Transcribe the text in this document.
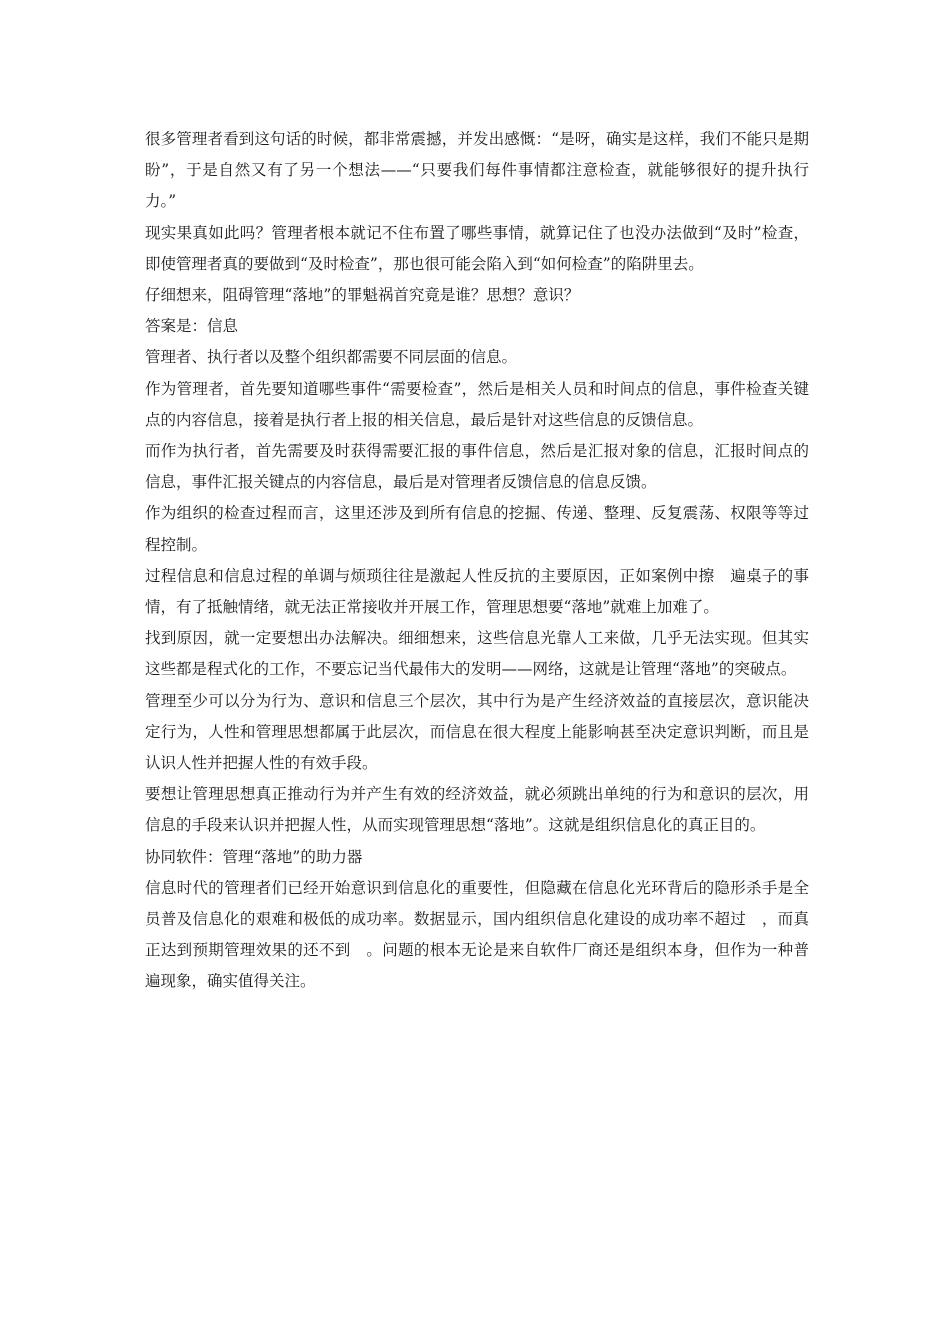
很多管理者看到这句话的时候，都非常震撼，并发出感慨：“是呀，确实是这样，我们不能只是期盼”，于是自然又有了另一个想法——“只要我们每件事情都注意检查，就能够很好的提升执行力。”

现实果真如此吗？管理者根本就记不住布置了哪些事情，就算记住了也没办法做到“及时”检查，即使管理者真的要做到“及时检查”，那也很可能会陷入到“如何检查”的陷阱里去。

仔细想来，阻碍管理“落地”的罪魁祸首究竟是谁？思想？意识？

答案是：信息

管理者、执行者以及整个组织都需要不同层面的信息。

作为管理者，首先要知道哪些事件“需要检查”，然后是相关人员和时间点的信息，事件检查关键点的内容信息，接着是执行者上报的相关信息，最后是针对这些信息的反馈信息。

而作为执行者，首先需要及时获得需要汇报的事件信息，然后是汇报对象的信息，汇报时间点的信息，事件汇报关键点的内容信息，最后是对管理者反馈信息的信息反馈。

作为组织的检查过程而言，这里还涉及到所有信息的挖掘、传递、整理、反复震荡、权限等等过程控制。

过程信息和信息过程的单调与烦琐往往是激起人性反抗的主要原因，正如案例中擦　遍桌子的事情，有了抵触情绪，就无法正常接收并开展工作，管理思想要“落地”就难上加难了。

找到原因，就一定要想出办法解决。细细想来，这些信息光靠人工来做，几乎无法实现。但其实这些都是程式化的工作，不要忘记当代最伟大的发明——网络，这就是让管理“落地”的突破点。

管理至少可以分为行为、意识和信息三个层次，其中行为是产生经济效益的直接层次，意识能决定行为，人性和管理思想都属于此层次，而信息在很大程度上能影响甚至决定意识判断，而且是认识人性并把握人性的有效手段。

要想让管理思想真正推动行为并产生有效的经济效益，就必须跳出单纯的行为和意识的层次，用信息的手段来认识并把握人性，从而实现管理思想“落地”。这就是组织信息化的真正目的。

协同软件：管理“落地”的助力器

信息时代的管理者们已经开始意识到信息化的重要性，但隐藏在信息化光环背后的隐形杀手是全员普及信息化的艰难和极低的成功率。数据显示，国内组织信息化建设的成功率不超过　，而真正达到预期管理效果的还不到　。问题的根本无论是来自软件厂商还是组织本身，但作为一种普遍现象，确实值得关注。
